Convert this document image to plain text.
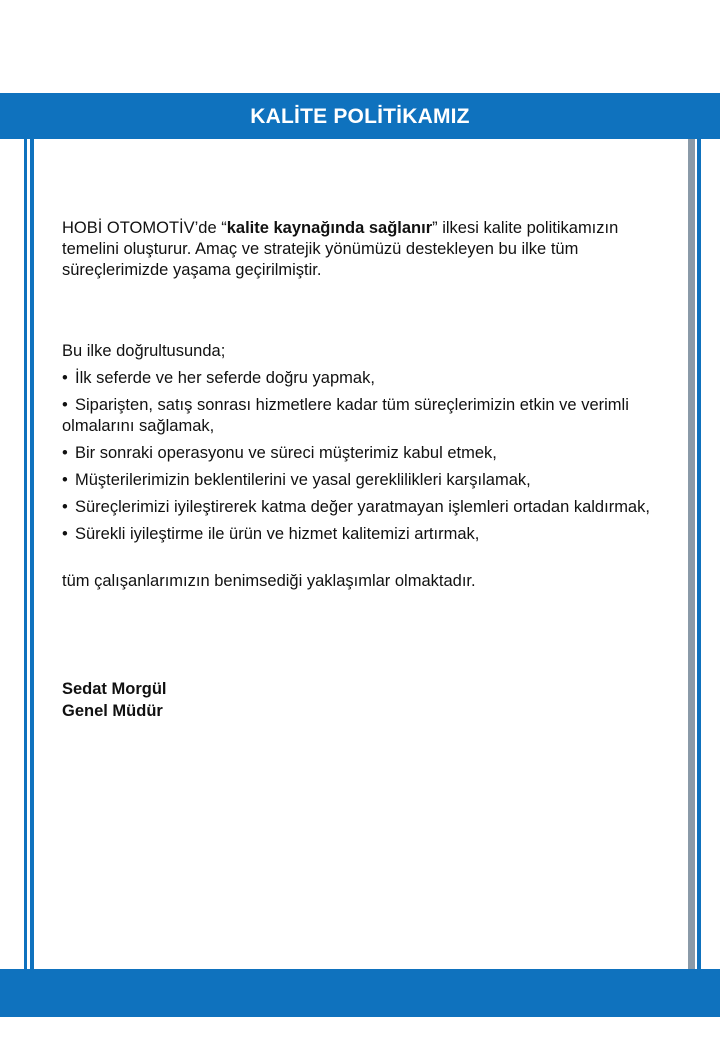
KALİTE POLİTİKAMIZ

HOBİ OTOMOTİV’de “kalite kaynağında sağlanır” ilkesi kalite politikamızın temelini oluşturur. Amaç ve stratejik yönümüzü destekleyen bu ilke tüm süreçlerimizde yaşama geçirilmiştir.

Bu ilke doğrultusunda;

• İlk seferde ve her seferde doğru yapmak,
• Siparişten, satış sonrası hizmetlere kadar tüm süreçlerimizin etkin ve verimli olmalarını sağlamak,
• Bir sonraki operasyonu ve süreci müşterimiz kabul etmek,
• Müşterilerimizin beklentilerini ve yasal gereklilikleri karşılamak,
• Süreçlerimizi iyileştirerek katma değer yaratmayan işlemleri ortadan kaldırmak,
• Sürekli iyileştirme ile ürün ve hizmet kalitemizi artırmak,

tüm çalışanlarımızın benimsediği yaklaşımlar olmaktadır.

Sedat Morgül
Genel Müdür
